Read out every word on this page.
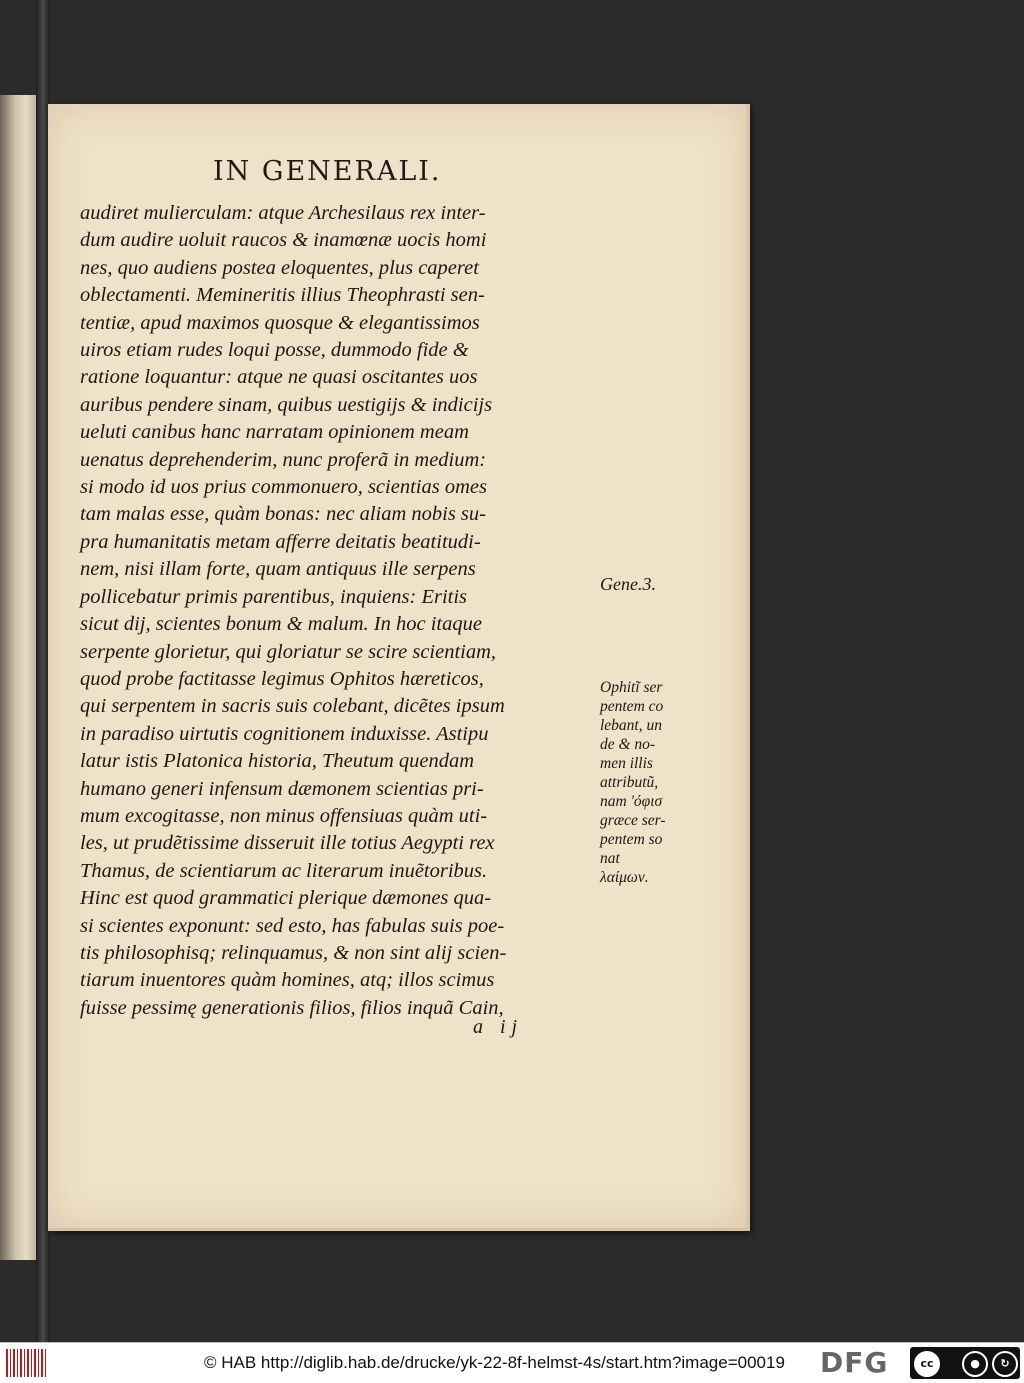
IN GENERALI.
audiret mulierculam: atque Archesilaus rex inter-
dum audire uoluit raucos & inamœnæ uocis homi
nes, quo audiens postea eloquentes, plus caperet
oblectamenti. Memineritis illius Theophrasti sen-
tentiæ, apud maximos quosque & elegantissimos
uiros etiam rudes loqui posse, dummodo fide &
ratione loquantur: atque ne quasi oscitantes uos
auribus pendere sinam, quibus uestigijs & indicijs
ueluti canibus hanc narratam opinionem meam
uenatus deprehenderim, nunc proferã in medium:
si modo id uos prius commonuero, scientias omes
tam malas esse, quàm bonas: nec aliam nobis su-
pra humanitatis metam afferre deitatis beatitudi-
nem, nisi illam forte, quam antiquus ille serpens
pollicebatur primis parentibus, inquiens: Eritis
sicut dij, scientes bonum & malum. In hoc itaque
serpente glorietur, qui gloriatur se scire scientiam,
quod probe factitasse legimus Ophitos hæreticos,
qui serpentem in sacris suis colebant, dicẽtes ipsum
in paradiso uirtutis cognitionem induxisse. Astipu
latur istis Platonica historia, Theutum quendam
humano generi infensum dæmonem scientias pri-
mum excogitasse, non minus offensiuas quàm uti-
les, ut prudẽtissime disseruit ille totius Aegypti rex
Thamus, de scientiarum ac literarum inuẽtoribus.
Hinc est quod grammatici plerique dæmones qua-
si scientes exponunt: sed esto, has fabulas suis poe-
tis philosophisq; relinquamus, & non sint alij scien-
tiarum inuentores quàm homines, atq; illos scimus
fuisse pessimę generationis filios, filios inquã Cain,
Gene.3.
Ophitĩ ser
pentem co
lebant, un
de & no-
men illis
attributũ,
nam 'όφισ
græce ser-
pentem so
nat
λαίμων.
a ij
© HAB http://diglib.hab.de/drucke/yk-22-8f-helmst-4s/start.htm?image=00019 DFG	cc	●	↻
